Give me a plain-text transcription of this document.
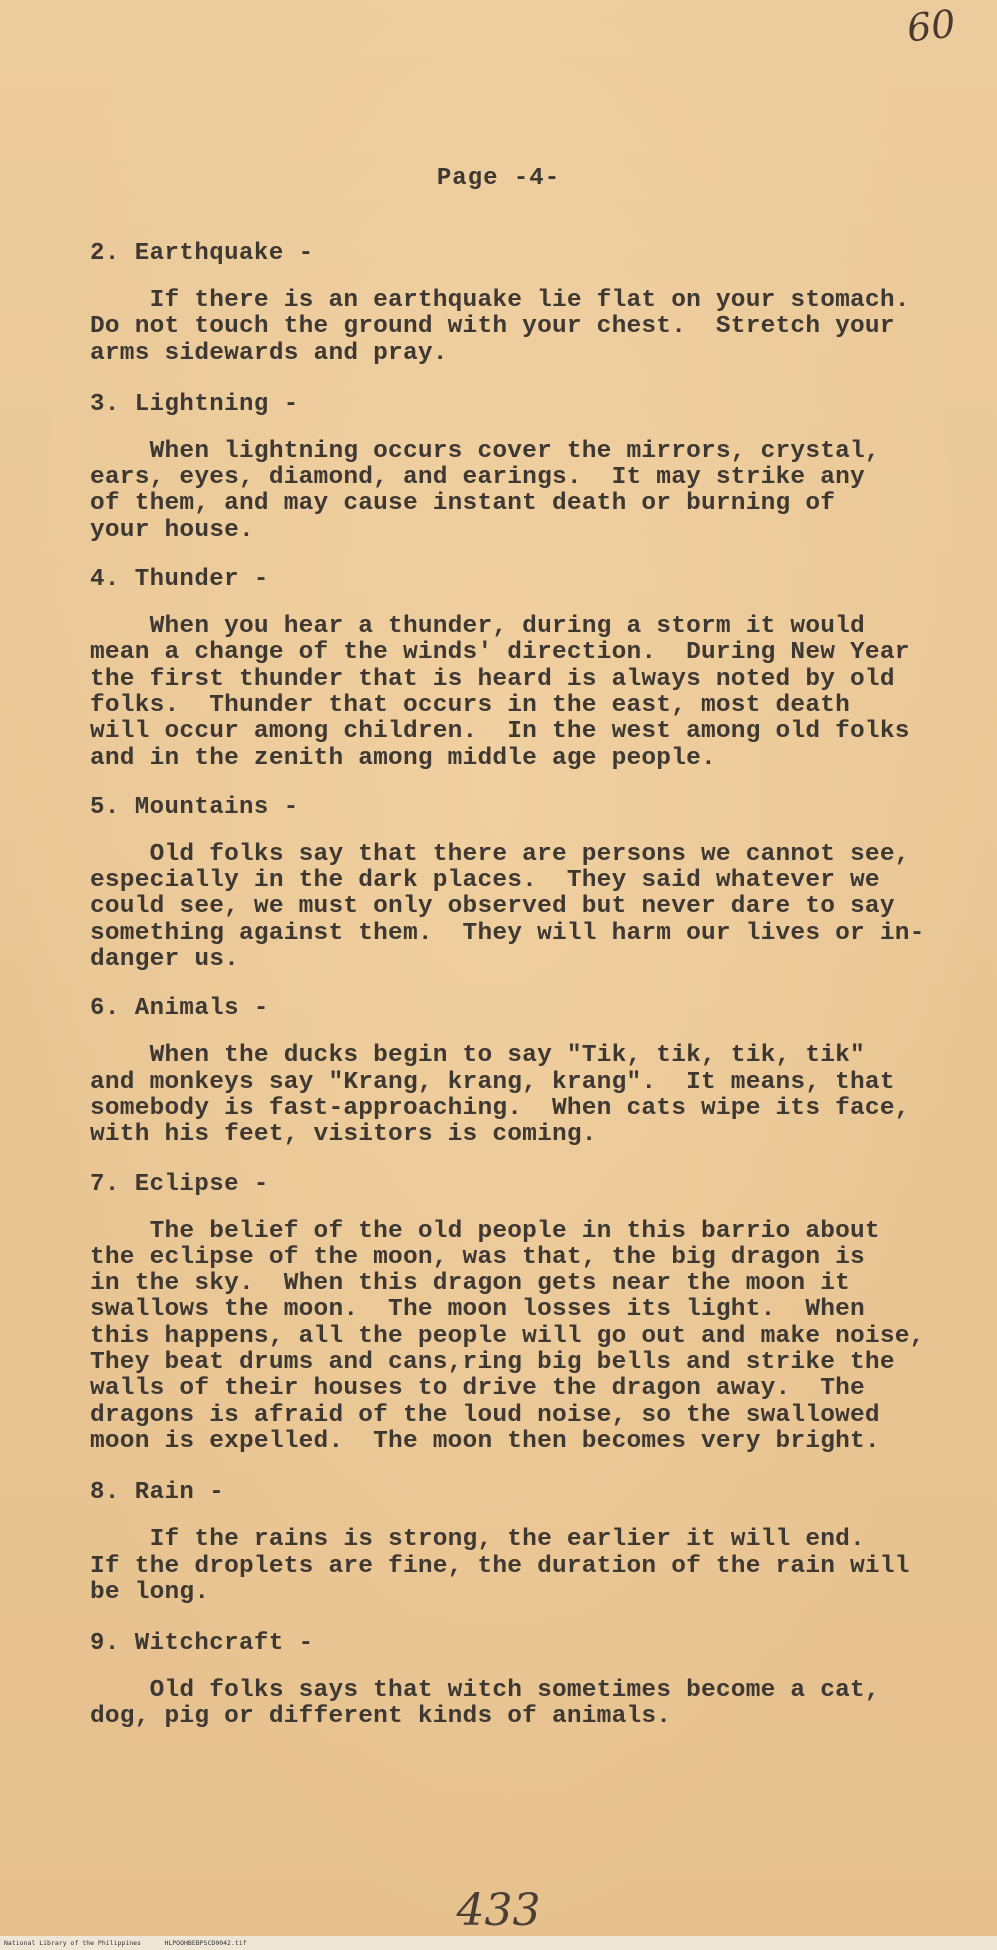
60
Page -4-
2. Earthquake -
If there is an earthquake lie flat on your stomach.
Do not touch the ground with your chest.  Stretch your
arms sidewards and pray.
3. Lightning -
When lightning occurs cover the mirrors, crystal,
ears, eyes, diamond, and earings.  It may strike any
of them, and may cause instant death or burning of
your house.
4. Thunder -
When you hear a thunder, during a storm it would
mean a change of the winds' direction.  During New Year
the first thunder that is heard is always noted by old
folks.  Thunder that occurs in the east, most death
will occur among children.  In the west among old folks
and in the zenith among middle age people.
5. Mountains -
Old folks say that there are persons we cannot see,
especially in the dark places.  They said whatever we
could see, we must only observed but never dare to say
something against them.  They will harm our lives or in-
danger us.
6. Animals -
When the ducks begin to say "Tik, tik, tik, tik"
and monkeys say "Krang, krang, krang".  It means, that
somebody is fast-approaching.  When cats wipe its face,
with his feet, visitors is coming.
7. Eclipse -
The belief of the old people in this barrio about
the eclipse of the moon, was that, the big dragon is
in the sky.  When this dragon gets near the moon it
swallows the moon.  The moon losses its light.  When
this happens, all the people will go out and make noise,
They beat drums and cans,ring big bells and strike the
walls of their houses to drive the dragon away.  The
dragons is afraid of the loud noise, so the swallowed
moon is expelled.  The moon then becomes very bright.
8. Rain -
If the rains is strong, the earlier it will end.
If the droplets are fine, the duration of the rain will
be long.
9. Witchcraft -
Old folks says that witch sometimes become a cat,
dog, pig or different kinds of animals.
433
National Library of the Philippines      HLPOOHBEBPSCD0042.tif
